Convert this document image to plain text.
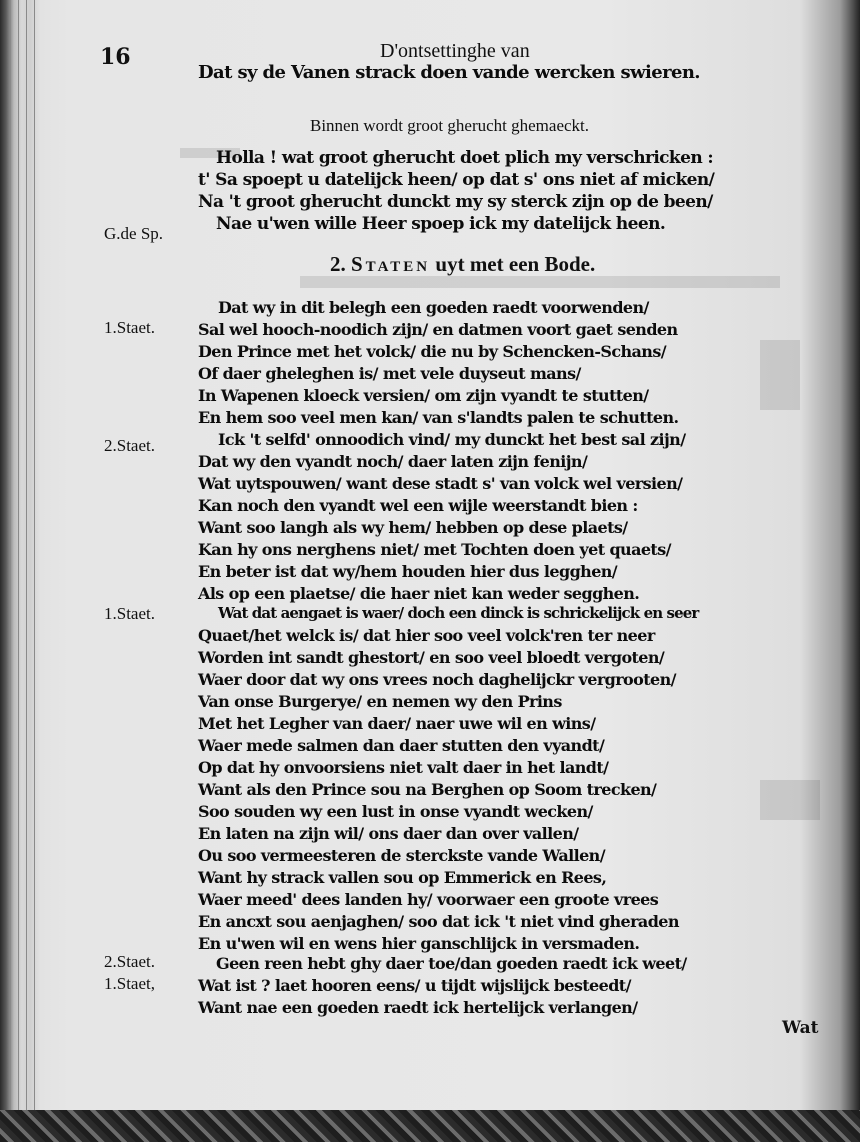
16	D'ontsettinghe van
Dat sy de Vanen strack doen vande wercken swieren.
Binnen wordt groot gherucht ghemaeckt.
Holla ! wat groot gherucht doet plich my verschricken :
t' Sa spoept u datelijck heen/ op dat s' ons niet af micken/
Na 't groot gherucht dunckt my sy sterck zijn op de been/
G.de Sp.	Nae u'wen wille Heer spoep ick my datelijck heen.
2. Staten uyt met een Bode.
1.Staet.
Dat wy in dit belegh een goeden raedt voorwenden/
Sal wel hooch-noodich zijn/ en datmen voort gaet senden
Den Prince met het volck/ die nu by Schencken-Schans/
Of daer gheleghen is/ met vele duyseut mans/
In Wapenen kloeck versien/ om zijn vyandt te stutten/
En hem soo veel men kan/ van s'landts palen te schutten.
2.Staet.	Ick 't selfd' onnoodich vind/ my dunckt het best sal zijn/
Dat wy den vyandt noch/ daer laten zijn fenijn/
Wat uytspouwen/ want dese stadt s' van volck wel versien/
Kan noch den vyandt wel een wijle weerstandt bien :
Want soo langh als wy hem/ hebben op dese plaets/
Kan hy ons nerghens niet/ met Tochten doen yet quaets/
En beter ist dat wy/hem houden hier dus legghen/
Als op een plaetse/ die haer niet kan weder segghen.
1.Staet.	Wat dat aengaet is waer/ doch een dinck is schrickelijck en seer
Quaet/het welck is/ dat hier soo veel volck'ren ter neer
Worden int sandt ghestort/ en soo veel bloedt vergoten/
Waer door dat wy ons vrees noch daghelijckr vergrooten/
Van onse Burgerye/ en nemen wy den Prins
Met het Legher van daer/ naer uwe wil en wins/
Waer mede salmen dan daer stutten den vyandt/
Op dat hy onvoorsiens niet valt daer in het landt/
Want als den Prince sou na Berghen op Soom trecken/
Soo souden wy een lust in onse vyandt wecken/
En laten na zijn wil/ ons daer dan over vallen/
Ou soo vermeesteren de sterckste vande Wallen/
Want hy strack vallen sou op Emmerick en Rees,
Waer meed' dees landen hy/ voorwaer een groote vrees
En ancxt sou aenjaghen/ soo dat ick 't niet vind gheraden
En u'wen wil en wens hier ganschlijck in versmaden.
2.Staet.	Geen reen hebt ghy daer toe/dan goeden raedt ick weet/
1.Staet,	Wat ist ? laet hooren eens/ u tijdt wijslijck besteedt/
Want nae een goeden raedt ick hertelijck verlangen/
Wat
